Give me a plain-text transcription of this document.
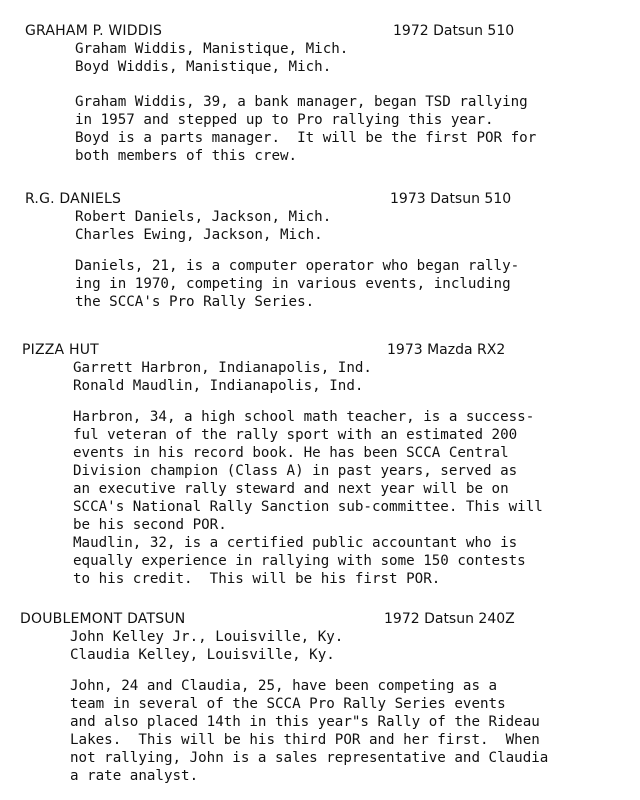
GRAHAM P. WIDDIS	1972 Datsun 510
Graham Widdis, Manistique, Mich.
Boyd Widdis, Manistique, Mich.
Graham Widdis, 39, a bank manager, began TSD rallying
in 1957 and stepped up to Pro rallying this year.
Boyd is a parts manager.  It will be the first POR for
both members of this crew.
R.G. DANIELS	1973 Datsun 510
Robert Daniels, Jackson, Mich.
Charles Ewing, Jackson, Mich.
Daniels, 21, is a computer operator who began rally-
ing in 1970, competing in various events, including
the SCCA's Pro Rally Series.
PIZZA HUT	1973 Mazda RX2
Garrett Harbron, Indianapolis, Ind.
Ronald Maudlin, Indianapolis, Ind.
Harbron, 34, a high school math teacher, is a success-
ful veteran of the rally sport with an estimated 200
events in his record book. He has been SCCA Central
Division champion (Class A) in past years, served as
an executive rally steward and next year will be on
SCCA's National Rally Sanction sub-committee. This will
be his second POR.
Maudlin, 32, is a certified public accountant who is
equally experience in rallying with some 150 contests
to his credit.  This will be his first POR.
DOUBLEMONT DATSUN	1972 Datsun 240Z
John Kelley Jr., Louisville, Ky.
Claudia Kelley, Louisville, Ky.
John, 24 and Claudia, 25, have been competing as a
team in several of the SCCA Pro Rally Series events
and also placed 14th in this year"s Rally of the Rideau
Lakes.  This will be his third POR and her first.  When
not rallying, John is a sales representative and Claudia
a rate analyst.
